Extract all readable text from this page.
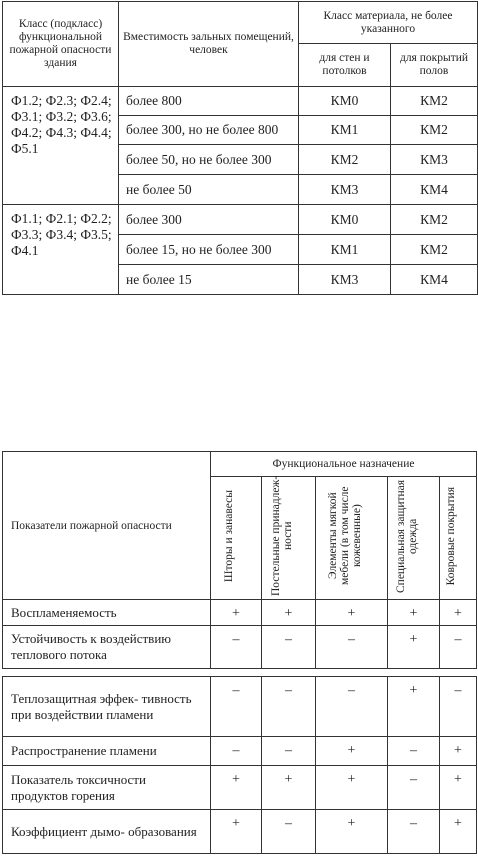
Класс (подкласс) функциональной пожарной опасности здания	Вместимость зальных помещений, человек	Класс материала, не более указанного	
		для стен и потолков	для покрытий полов
Ф1.2; Ф2.3; Ф2.4; Ф3.1; Ф3.2; Ф3.6; Ф4.2; Ф4.3; Ф4.4; Ф5.1	более 800	КМ0	КМ2
	более 300, но не более 800	КМ1	КМ2
	более 50, но не более 300	КМ2	КМ3
	не более 50	КМ3	КМ4
Ф1.1; Ф2.1; Ф2.2; Ф3.3; Ф3.4; Ф3.5; Ф4.1	более 300	КМ0	КМ2
	более 15, но не более 300	КМ1	КМ2
	не более 15	КМ3	КМ4
Показатели пожарной опасности	Функциональное назначение				
	Шторы и занавесы	Постельные принадлеж- ности	Элементы мягкой мебели (в том числе кожевенные)	Специальная защитная одежда	Ковровые покрытия
Воспламеняемость	+	+	+	+	+
Устойчивость к воздействию теплового потока	–	–	–	+	–

Теплозащитная эффек- тивность при воздействии пламени	–	–	–	+	–
Распространение пламени	–	–	+	–	+
Показатель токсичности продуктов горения	+	+	+	–	+
Коэффициент дымо- образования	+	–	+	–	+
